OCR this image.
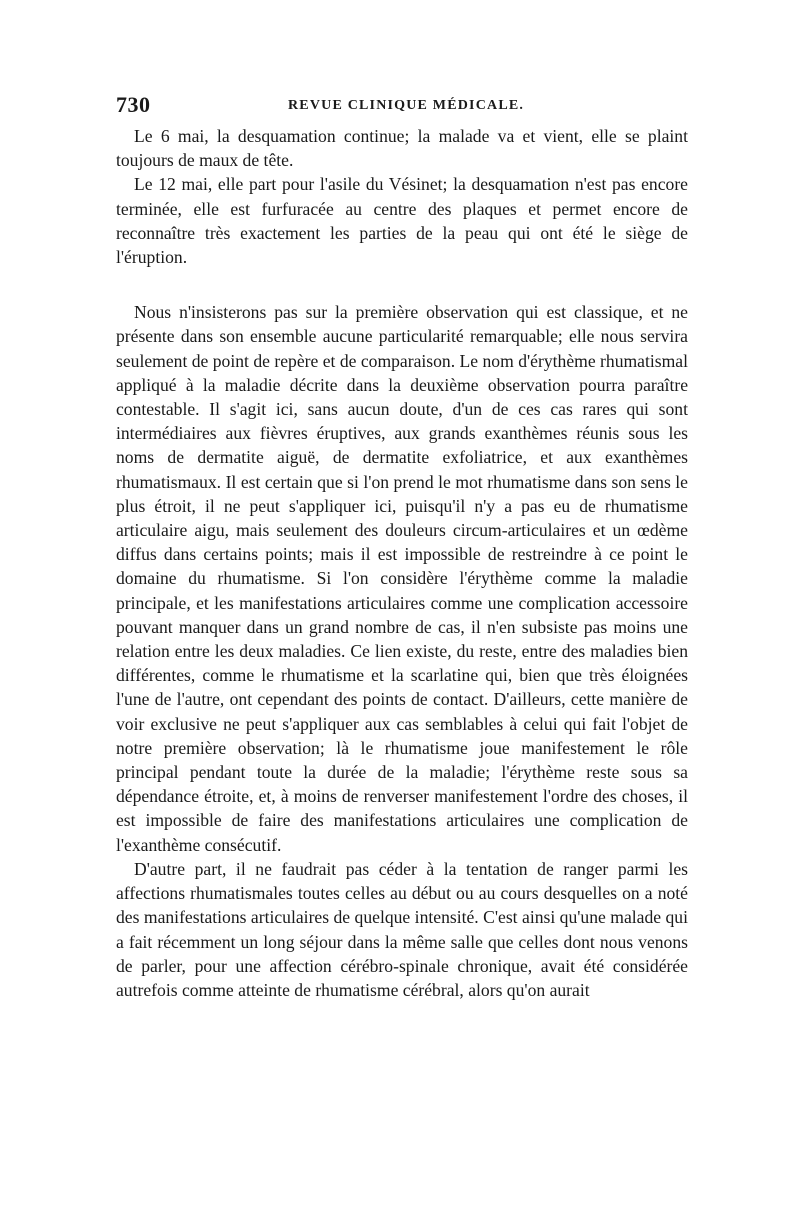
730	REVUE CLINIQUE MÉDICALE.

Le 6 mai, la desquamation continue; la malade va et vient, elle se plaint toujours de maux de tête.

Le 12 mai, elle part pour l'asile du Vésinet; la desquamation n'est pas encore terminée, elle est furfuracée au centre des plaques et permet encore de reconnaître très exactement les parties de la peau qui ont été le siège de l'éruption.

Nous n'insisterons pas sur la première observation qui est classique, et ne présente dans son ensemble aucune particularité remarquable; elle nous servira seulement de point de repère et de comparaison. Le nom d'érythème rhumatismal appliqué à la maladie décrite dans la deuxième observation pourra paraître contestable. Il s'agit ici, sans aucun doute, d'un de ces cas rares qui sont intermédiaires aux fièvres éruptives, aux grands exanthèmes réunis sous les noms de dermatite aiguë, de dermatite exfoliatrice, et aux exanthèmes rhumatismaux. Il est certain que si l'on prend le mot rhumatisme dans son sens le plus étroit, il ne peut s'appliquer ici, puisqu'il n'y a pas eu de rhumatisme articulaire aigu, mais seulement des douleurs circum-articulaires et un œdème diffus dans certains points; mais il est impossible de restreindre à ce point le domaine du rhumatisme. Si l'on considère l'érythème comme la maladie principale, et les manifestations articulaires comme une complication accessoire pouvant manquer dans un grand nombre de cas, il n'en subsiste pas moins une relation entre les deux maladies. Ce lien existe, du reste, entre des maladies bien différentes, comme le rhumatisme et la scarlatine qui, bien que très éloignées l'une de l'autre, ont cependant des points de contact. D'ailleurs, cette manière de voir exclusive ne peut s'appliquer aux cas semblables à celui qui fait l'objet de notre première observation; là le rhumatisme joue manifestement le rôle principal pendant toute la durée de la maladie; l'érythème reste sous sa dépendance étroite, et, à moins de renverser manifestement l'ordre des choses, il est impossible de faire des manifestations articulaires une complication de l'exanthème consécutif.

D'autre part, il ne faudrait pas céder à la tentation de ranger parmi les affections rhumatismales toutes celles au début ou au cours desquelles on a noté des manifestations articulaires de quelque intensité. C'est ainsi qu'une malade qui a fait récemment un long séjour dans la même salle que celles dont nous venons de parler, pour une affection cérébro-spinale chronique, avait été considérée autrefois comme atteinte de rhumatisme cérébral, alors qu'on aurait
